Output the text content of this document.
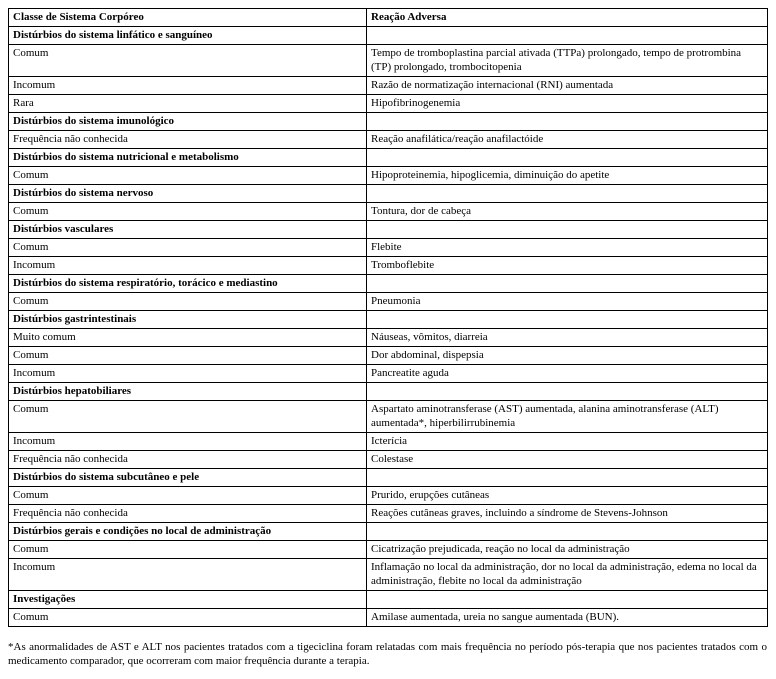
Classe de Sistema Corpóreo	Reação Adversa
Distúrbios do sistema linfático e sanguíneo	
Comum	Tempo de tromboplastina parcial ativada (TTPa) prolongado, tempo de protrombina (TP) prolongado, trombocitopenia
Incomum	Razão de normatização internacional (RNI) aumentada
Rara	Hipofibrinogenemia
Distúrbios do sistema imunológico	
Frequência não conhecida	Reação anafilática/reação anafilactóide
Distúrbios do sistema nutricional e metabolismo	
Comum	Hipoproteinemia, hipoglicemia, diminuição do apetite
Distúrbios do sistema nervoso	
Comum	Tontura, dor de cabeça
Distúrbios vasculares	
Comum	Flebite
Incomum	Tromboflebite
Distúrbios do sistema respiratório, torácico e mediastino	
Comum	Pneumonia
Distúrbios gastrintestinais	
Muito comum	Náuseas, vômitos, diarreia
Comum	Dor abdominal, dispepsia
Incomum	Pancreatite aguda
Distúrbios hepatobiliares	
Comum	Aspartato aminotransferase (AST) aumentada, alanina aminotransferase (ALT) aumentada*, hiperbilirrubinemia
Incomum	Icterícia
Frequência não conhecida	Colestase
Distúrbios do sistema subcutâneo e pele	
Comum	Prurido, erupções cutâneas
Frequência não conhecida	Reações cutâneas graves, incluindo a síndrome de Stevens-Johnson
Distúrbios gerais e condições no local de administração	
Comum	Cicatrização prejudicada, reação no local da administração
Incomum	Inflamação no local da administração, dor no local da administração, edema no local da administração, flebite no local da administração
Investigações	
Comum	Amilase aumentada, ureia no sangue aumentada (BUN).

*As anormalidades de AST e ALT nos pacientes tratados com a tigeciclina foram relatadas com mais frequência no período pós-terapia que nos pacientes tratados com o medicamento comparador, que ocorreram com maior frequência durante a terapia.
